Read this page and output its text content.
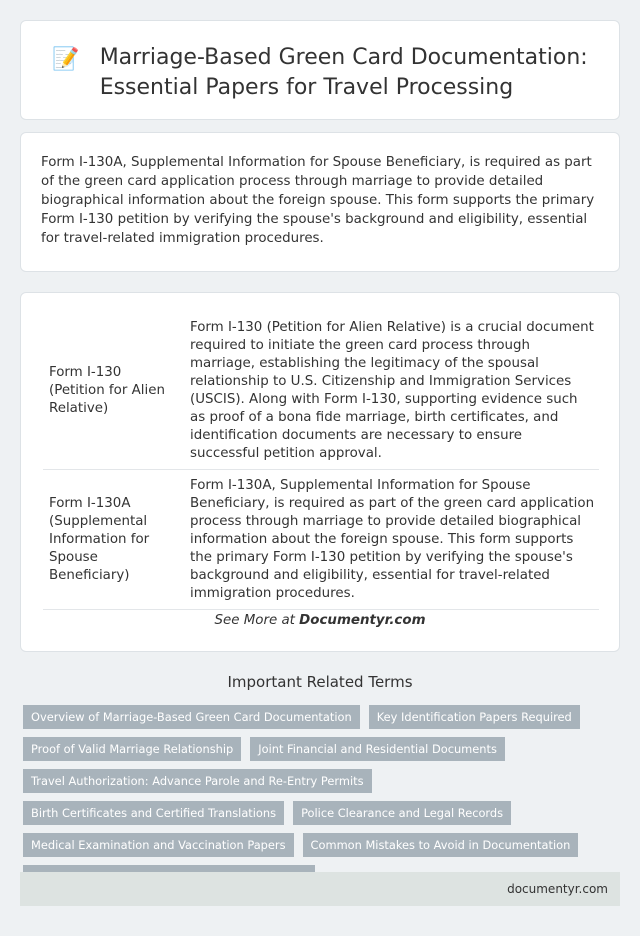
📝 Marriage-Based Green Card Documentation:
Essential Papers for Travel Processing

Form I-130A, Supplemental Information for Spouse Beneficiary, is required as part of the green card application process through marriage to provide detailed biographical information about the foreign spouse. This form supports the primary Form I-130 petition by verifying the spouse's background and eligibility, essential for travel-related immigration procedures.

Form I-130 (Petition for Alien Relative)	Form I-130 (Petition for Alien Relative) is a crucial document required to initiate the green card process through marriage, establishing the legitimacy of the spousal relationship to U.S. Citizenship and Immigration Services (USCIS). Along with Form I-130, supporting evidence such as proof of a bona fide marriage, birth certificates, and identification documents are necessary to ensure successful petition approval.
Form I-130A (Supplemental Information for Spouse Beneficiary)	Form I-130A, Supplemental Information for Spouse Beneficiary, is required as part of the green card application process through marriage to provide detailed biographical information about the foreign spouse. This form supports the primary Form I-130 petition by verifying the spouse's background and eligibility, essential for travel-related immigration procedures.
See More at Documentyr.com
Important Related Terms
Overview of Marriage-Based Green Card Documentation	Key Identification Papers Required
Proof of Valid Marriage Relationship	Joint Financial and Residential Documents
Travel Authorization: Advance Parole and Re-Entry Permits
Birth Certificates and Certified Translations	Police Clearance and Legal Records
Medical Examination and Vaccination Papers	Common Mistakes to Avoid in Documentation
documentyr.com
